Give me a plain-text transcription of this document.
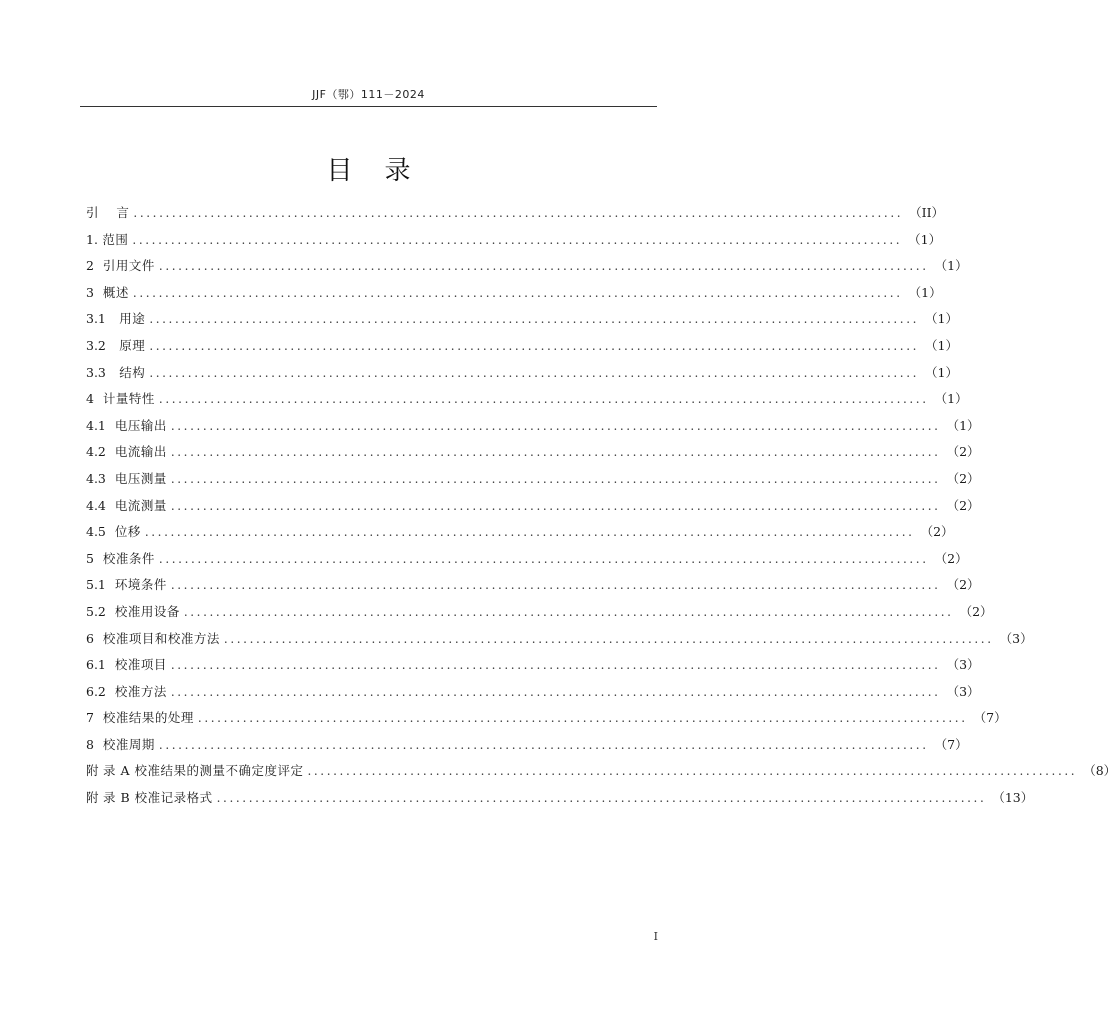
JJF（鄂）111－2024
目 录
引 言 ........................................................................................................................ （II）
1. 范围 ........................................................................................................................ （1）
2 引用文件 ........................................................................................................................ （1）
3 概述 ........................................................................................................................ （1）
3.1 用途 ........................................................................................................................ （1）
3.2 原理 ........................................................................................................................ （1）
3.3 结构 ........................................................................................................................ （1）
4 计量特性 ........................................................................................................................ （1）
4.1 电压输出 ........................................................................................................................ （1）
4.2 电流输出 ........................................................................................................................ （2）
4.3 电压测量 ........................................................................................................................ （2）
4.4 电流测量 ........................................................................................................................ （2）
4.5 位移 ........................................................................................................................ （2）
5 校准条件 ........................................................................................................................ （2）
5.1 环境条件 ........................................................................................................................ （2）
5.2 校准用设备 ........................................................................................................................ （2）
6 校准项目和校准方法 ........................................................................................................................ （3）
6.1 校准项目 ........................................................................................................................ （3）
6.2 校准方法 ........................................................................................................................ （3）
7 校准结果的处理 ........................................................................................................................ （7）
8 校准周期 ........................................................................................................................ （7）
附 录 A 校准结果的测量不确定度评定 ........................................................................................................................ （8）
附 录 B 校准记录格式 ........................................................................................................................ （13）
I
